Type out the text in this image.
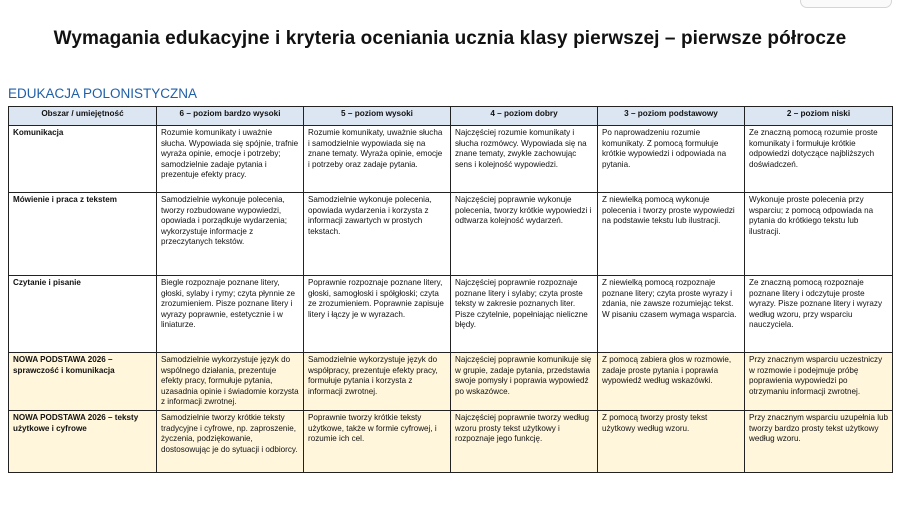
Wymagania edukacyjne i kryteria oceniania ucznia klasy pierwszej – pierwsze półrocze
EDUKACJA POLONISTYCZNA
Obszar / umiejętność	6 – poziom bardzo wysoki	5 – poziom wysoki	4 – poziom dobry	3 – poziom podstawowy	2 – poziom niski
Komunikacja	Rozumie komunikaty i uważnie słucha. Wypowiada się spójnie, trafnie wyraża opinie, emocje i potrzeby; samodzielnie zadaje pytania i prezentuje efekty pracy.	Rozumie komunikaty, uważnie słucha i samodzielnie wypowiada się na znane tematy. Wyraża opinie, emocje i potrzeby oraz zadaje pytania.	Najczęściej rozumie komunikaty i słucha rozmówcy. Wypowiada się na znane tematy, zwykle zachowując sens i kolejność wypowiedzi.	Po naprowadzeniu rozumie komunikaty. Z pomocą formułuje krótkie wypowiedzi i odpowiada na pytania.	Ze znaczną pomocą rozumie proste komunikaty i formułuje krótkie odpowiedzi dotyczące najbliższych doświadczeń.
Mówienie i praca z tekstem	Samodzielnie wykonuje polecenia, tworzy rozbudowane wypowiedzi, opowiada i porządkuje wydarzenia; wykorzystuje informacje z przeczytanych tekstów.	Samodzielnie wykonuje polecenia, opowiada wydarzenia i korzysta z informacji zawartych w prostych tekstach.	Najczęściej poprawnie wykonuje polecenia, tworzy krótkie wypowiedzi i odtwarza kolejność wydarzeń.	Z niewielką pomocą wykonuje polecenia i tworzy proste wypowiedzi na podstawie tekstu lub ilustracji.	Wykonuje proste polecenia przy wsparciu; z pomocą odpowiada na pytania do krótkiego tekstu lub ilustracji.
Czytanie i pisanie	Biegle rozpoznaje poznane litery, głoski, sylaby i rymy; czyta płynnie ze zrozumieniem. Pisze poznane litery i wyrazy poprawnie, estetycznie i w liniaturze.	Poprawnie rozpoznaje poznane litery, głoski, samogłoski i spółgłoski; czyta ze zrozumieniem. Poprawnie zapisuje litery i łączy je w wyrazach.	Najczęściej poprawnie rozpoznaje poznane litery i sylaby; czyta proste teksty w zakresie poznanych liter. Pisze czytelnie, popełniając nieliczne błędy.	Z niewielką pomocą rozpoznaje poznane litery; czyta proste wyrazy i zdania, nie zawsze rozumiejąc tekst. W pisaniu czasem wymaga wsparcia.	Ze znaczną pomocą rozpoznaje poznane litery i odczytuje proste wyrazy. Pisze poznane litery i wyrazy według wzoru, przy wsparciu nauczyciela.
NOWA PODSTAWA 2026 – sprawczość i komunikacja	Samodzielnie wykorzystuje język do wspólnego działania, prezentuje efekty pracy, formułuje pytania, uzasadnia opinie i świadomie korzysta z informacji zwrotnej.	Samodzielnie wykorzystuje język do współpracy, prezentuje efekty pracy, formułuje pytania i korzysta z informacji zwrotnej.	Najczęściej poprawnie komunikuje się w grupie, zadaje pytania, przedstawia swoje pomysły i poprawia wypowiedź po wskazówce.	Z pomocą zabiera głos w rozmowie, zadaje proste pytania i poprawia wypowiedź według wskazówki.	Przy znacznym wsparciu uczestniczy w rozmowie i podejmuje próbę poprawienia wypowiedzi po otrzymaniu informacji zwrotnej.
NOWA PODSTAWA 2026 – teksty użytkowe i cyfrowe	Samodzielnie tworzy krótkie teksty tradycyjne i cyfrowe, np. zaproszenie, życzenia, podziękowanie, dostosowując je do sytuacji i odbiorcy.	Poprawnie tworzy krótkie teksty użytkowe, także w formie cyfrowej, i rozumie ich cel.	Najczęściej poprawnie tworzy według wzoru prosty tekst użytkowy i rozpoznaje jego funkcję.	Z pomocą tworzy prosty tekst użytkowy według wzoru.	Przy znacznym wsparciu uzupełnia lub tworzy bardzo prosty tekst użytkowy według wzoru.
